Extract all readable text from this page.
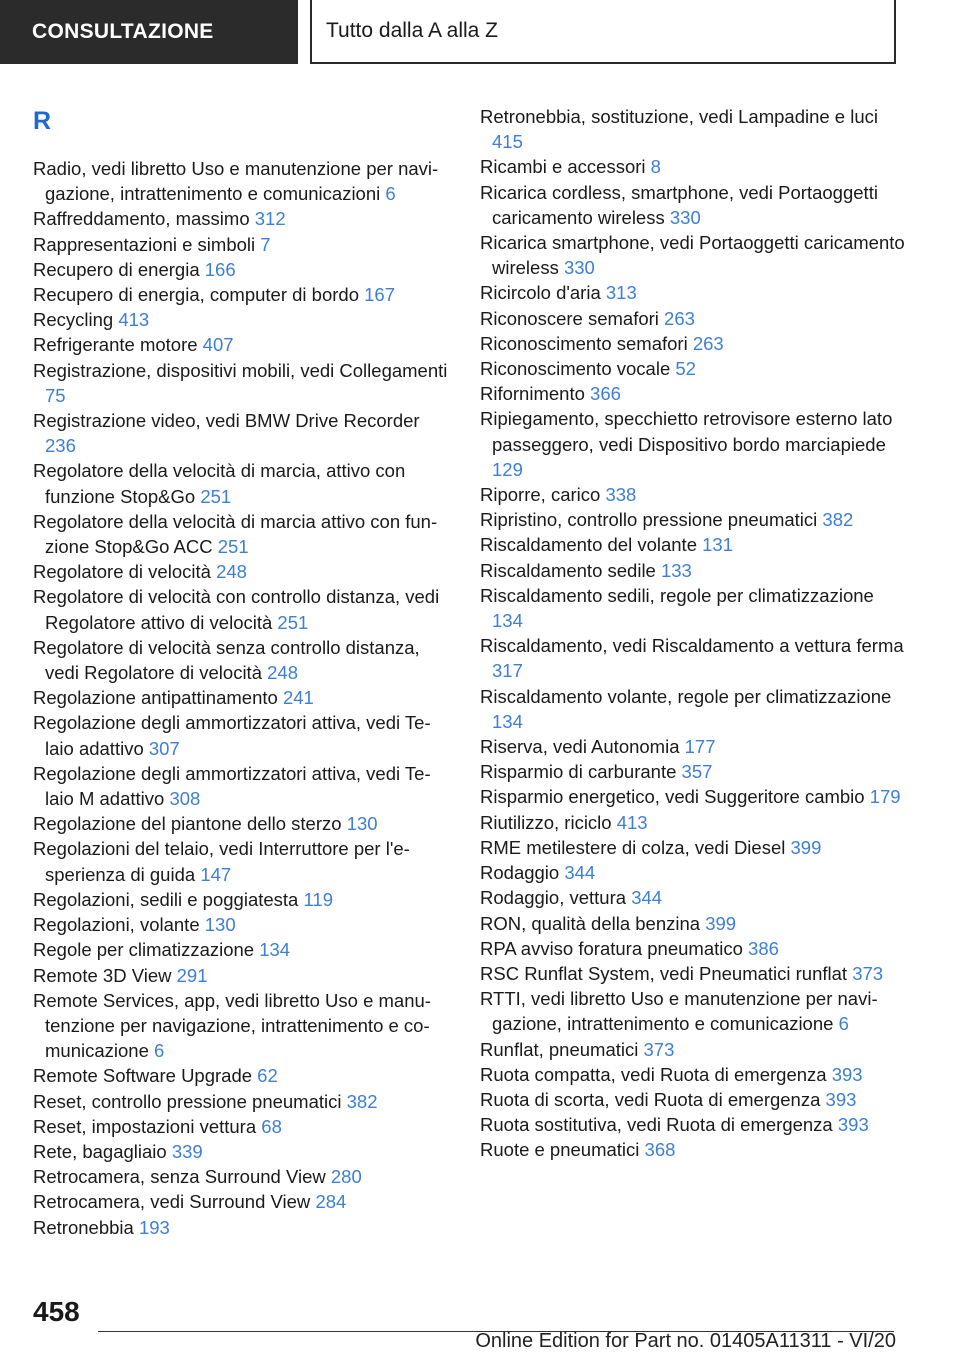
CONSULTAZIONE	Tutto dalla A alla Z
R
Radio, vedi libretto Uso e manutenzione per navigazione, intrattenimento e comunicazioni 6
Raffreddamento, massimo 312
Rappresentazioni e simboli 7
Recupero di energia 166
Recupero di energia, computer di bordo 167
Recycling 413
Refrigerante motore 407
Registrazione, dispositivi mobili, vedi Collegamenti75
Registrazione video, vedi BMW Drive Recorder236
Regolatore della velocità di marcia, attivo con funzione Stop&Go 251
Regolatore della velocità di marcia attivo con funzione Stop&Go ACC 251
Regolatore di velocità 248
Regolatore di velocità con controllo distanza, vedi Regolatore attivo di velocità 251
Regolatore di velocità senza controllo distanza, vedi Regolatore di velocità 248
Regolazione antipattinamento 241
Regolazione degli ammortizzatori attiva, vedi Telaio adattivo 307
Regolazione degli ammortizzatori attiva, vedi Telaio M adattivo 308
Regolazione del piantone dello sterzo 130
Regolazioni del telaio, vedi Interruttore per l'esperienza di guida 147
Regolazioni, sedili e poggiatesta 119
Regolazioni, volante 130
Regole per climatizzazione 134
Remote 3D View 291
Remote Services, app, vedi libretto Uso e manutenzione per navigazione, intrattenimento e comunicazione 6
Remote Software Upgrade 62
Reset, controllo pressione pneumatici 382
Reset, impostazioni vettura 68
Rete, bagagliaio 339
Retrocamera, senza Surround View 280
Retrocamera, vedi Surround View 284
Retronebbia 193
Retronebbia, sostituzione, vedi Lampadine e luci415
Ricambi e accessori 8
Ricarica cordless, smartphone, vedi Portaoggetti caricamento wireless 330
Ricarica smartphone, vedi Portaoggetti caricamento wireless 330
Ricircolo d'aria 313
Riconoscere semafori 263
Riconoscimento semafori 263
Riconoscimento vocale 52
Rifornimento 366
Ripiegamento, specchietto retrovisore esterno lato passeggero, vedi Dispositivo bordo marciapiede129
Riporre, carico 338
Ripristino, controllo pressione pneumatici 382
Riscaldamento del volante 131
Riscaldamento sedile 133
Riscaldamento sedili, regole per climatizzazione134
Riscaldamento, vedi Riscaldamento a vettura ferma317
Riscaldamento volante, regole per climatizzazione134
Riserva, vedi Autonomia 177
Risparmio di carburante 357
Risparmio energetico, vedi Suggeritore cambio 179
Riutilizzo, riciclo 413
RME metilestere di colza, vedi Diesel 399
Rodaggio 344
Rodaggio, vettura 344
RON, qualità della benzina 399
RPA avviso foratura pneumatico 386
RSC Runflat System, vedi Pneumatici runflat 373
RTTI, vedi libretto Uso e manutenzione per navigazione, intrattenimento e comunicazione 6
Runflat, pneumatici 373
Ruota compatta, vedi Ruota di emergenza 393
Ruota di scorta, vedi Ruota di emergenza 393
Ruota sostitutiva, vedi Ruota di emergenza 393
Ruote e pneumatici 368
458
Online Edition for Part no. 01405A11311 - VI/20
